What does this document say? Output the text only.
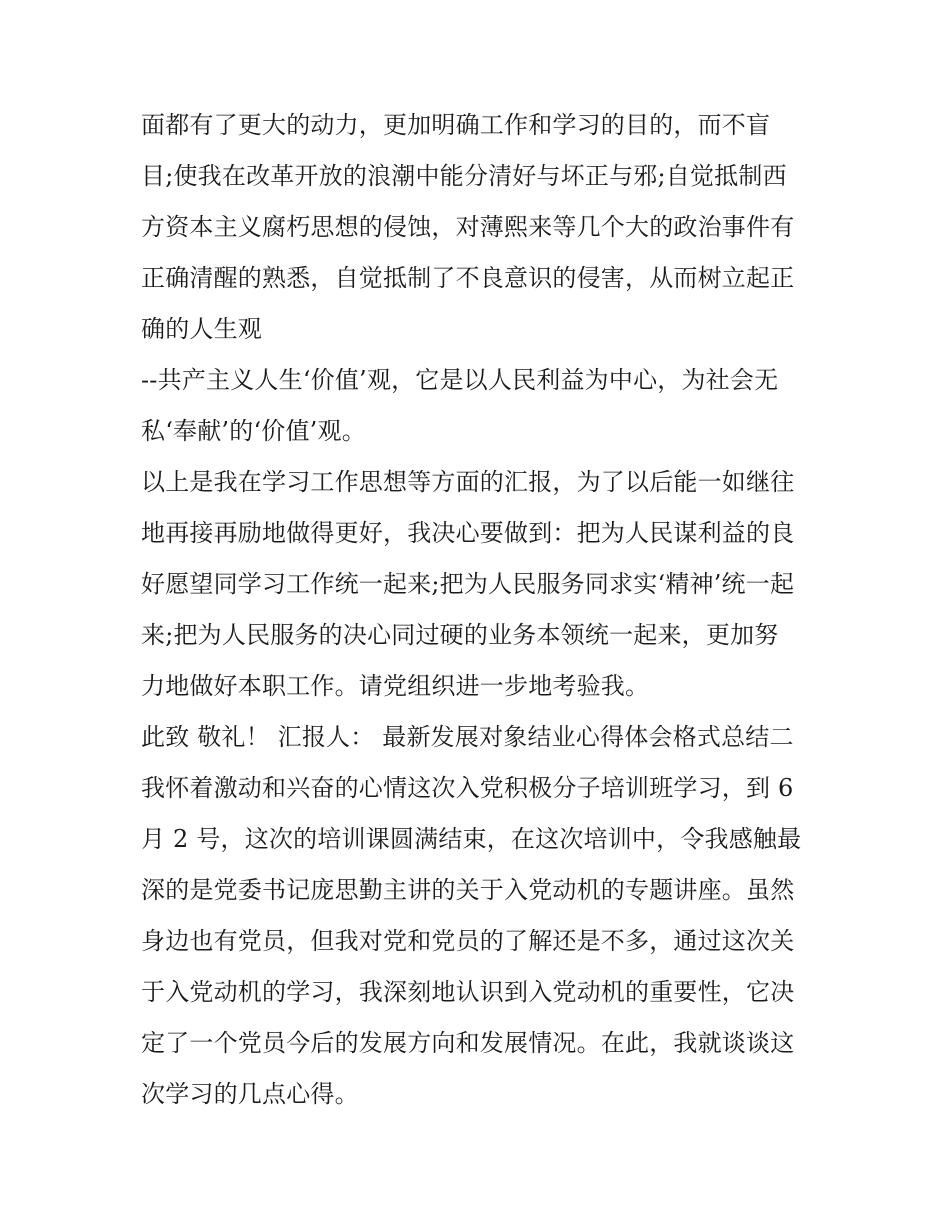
面都有了更大的动力，更加明确工作和学习的目的，而不盲
目;使我在改革开放的浪潮中能分清好与坏正与邪;自觉抵制西
方资本主义腐朽思想的侵蚀，对薄熙来等几个大的政治事件有
正确清醒的熟悉，自觉抵制了不良意识的侵害，从而树立起正
确的人生观
--共产主义人生‘价值’观，它是以人民利益为中心，为社会无
私‘奉献’的‘价值’观。
以上是我在学习工作思想等方面的汇报，为了以后能一如继往
地再接再励地做得更好，我决心要做到：把为人民谋利益的良
好愿望同学习工作统一起来;把为人民服务同求实‘精神’统一起
来;把为人民服务的决心同过硬的业务本领统一起来，更加努
力地做好本职工作。请党组织进一步地考验我。
此致 敬礼！ 汇报人： 最新发展对象结业心得体会格式总结二
我怀着激动和兴奋的心情这次入党积极分子培训班学习，到 6
月 2 号，这次的培训课圆满结束，在这次培训中，令我感触最
深的是党委书记庞思勤主讲的关于入党动机的专题讲座。虽然
身边也有党员，但我对党和党员的了解还是不多，通过这次关
于入党动机的学习，我深刻地认识到入党动机的重要性，它决
定了一个党员今后的发展方向和发展情况。在此，我就谈谈这
次学习的几点心得。
